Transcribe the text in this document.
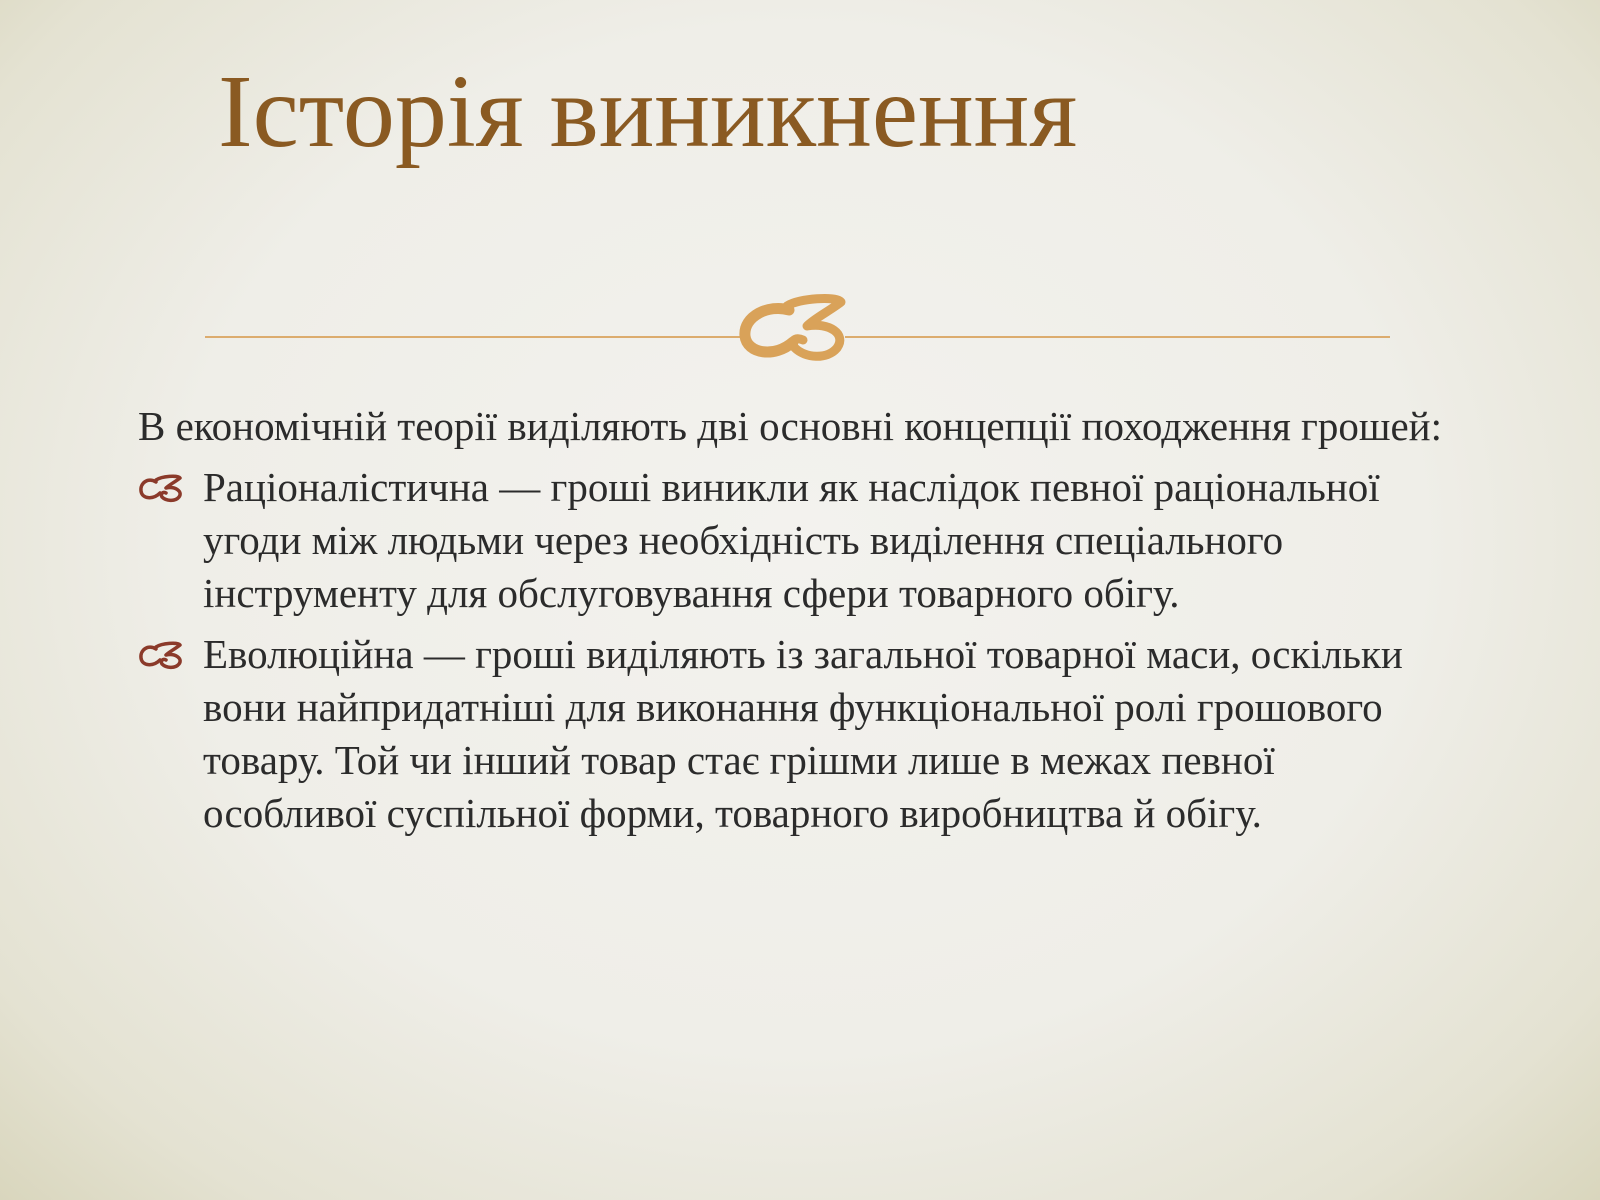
Історія виникнення

В економічній теорії виділяють дві основні концепції походження грошей:

Раціоналістична — гроші виникли як наслідок певної раціональної угоди між людьми через необхідність виділення спеціального інструменту для обслуговування сфери товарного обігу.
Еволюційна — гроші виділяють із загальної товарної маси, оскільки вони найпридатніші для виконання функціональної ролі грошового товару. Той чи інший товар стає грішми лише в межах певної особливої суспільної форми, товарного виробництва й обігу.
